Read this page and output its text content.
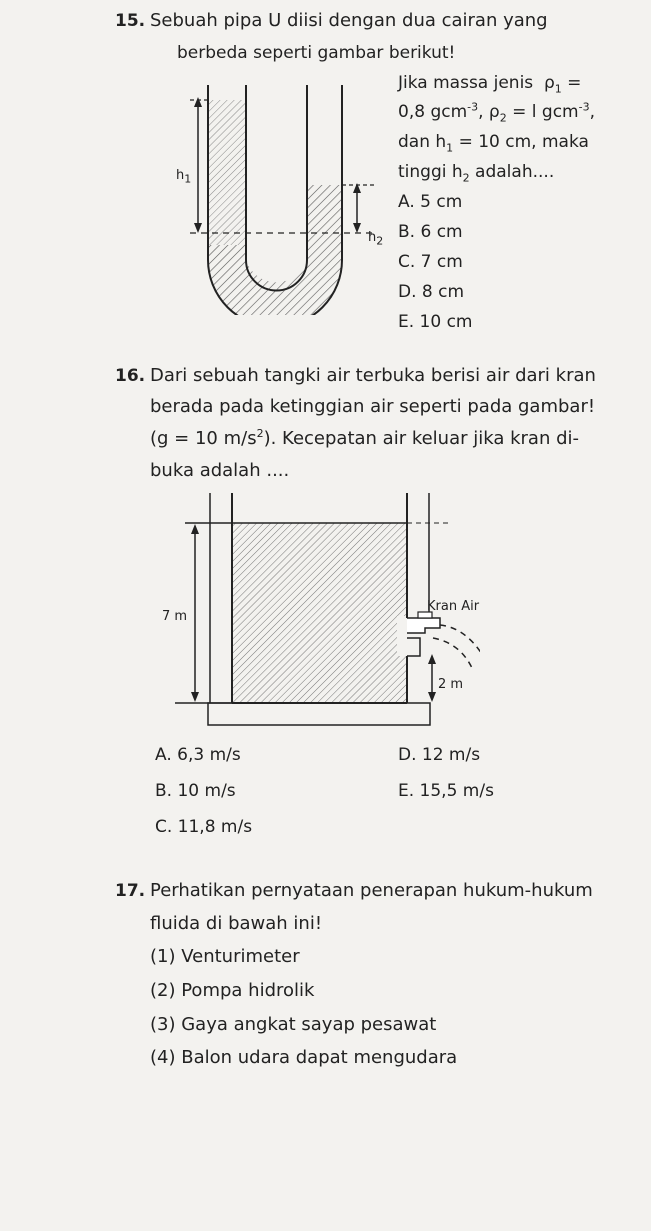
15. Sebuah pipa U diisi dengan dua cairan yang
berbeda seperti gambar berikut!
Jika massa jenis $\rho_1$ =
0,8 gcm$^{-3}$, $\rho_2 = l$ gcm$^{-3}$,
dan $h_1 = 10$ cm, maka
tinggi $h_2$ adalah....
A. 5 cm
B. 6 cm
C. 7 cm
D. 8 cm
E. 10 cm
$h_1$
$h_2$
16. Dari sebuah tangki air terbuka berisi air dari kran
berada pada ketinggian air seperti pada gambar!
(g = 10 $m/s^2$). Kecepatan air keluar jika kran di-
buka adalah ....
7 m
Kran Air
2 m
A. 6,3 m/s	D. 12 m/s
B. 10 m/s	E. 15,5 m/s
C. 11,8 m/s
17. Perhatikan pernyataan penerapan hukum-hukum
fluida di bawah ini!
(1) Venturimeter
(2) Pompa hidrolik
(3) Gaya angkat sayap pesawat
(4) Balon udara dapat mengudara
